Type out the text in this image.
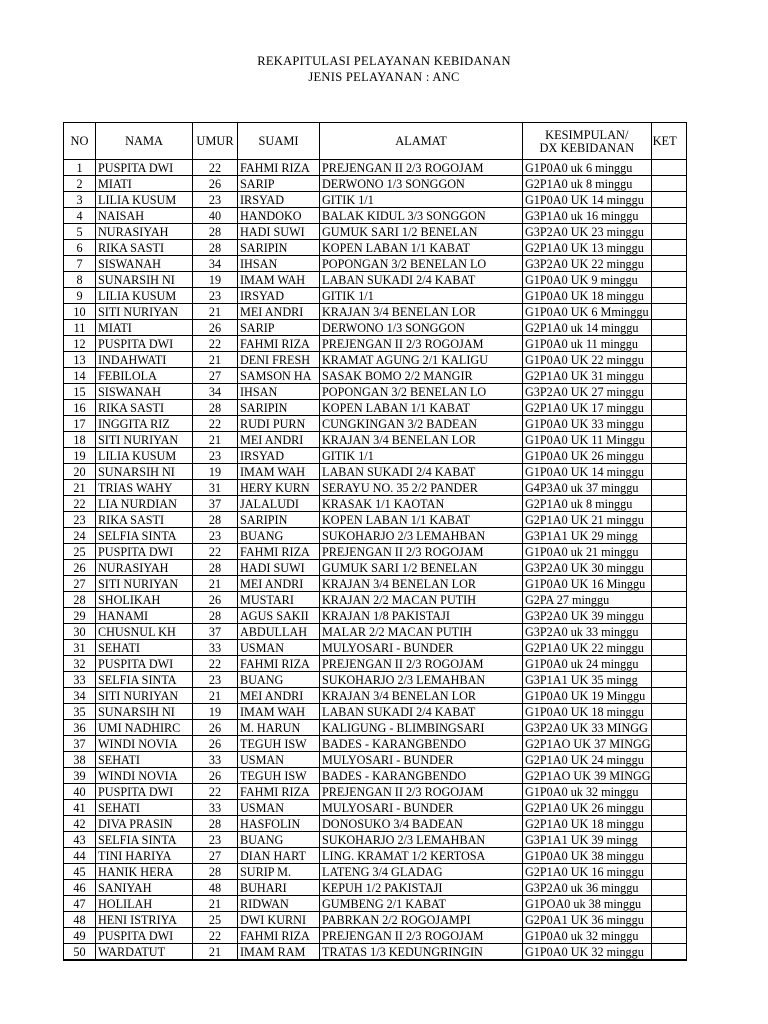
REKAPITULASI PELAYANAN KEBIDANAN
JENIS PELAYANAN : ANC
NO	NAMA	UMUR	SUAMI	ALAMAT	KESIMPULAN/
DX KEBIDANAN	KET
1	PUSPITA DWI	22	FAHMI RIZA	PREJENGAN II 2/3 ROGOJAM	G1P0A0 uk 6 minggu	
2	MIATI	26	SARIP	DERWONO 1/3 SONGGON	G2P1A0 uk 8 minggu	
3	LILIA KUSUM	23	IRSYAD	GITIK 1/1	G1P0A0 UK 14 minggu	
4	NAISAH	40	HANDOKO	BALAK KIDUL 3/3 SONGGON	G3P1A0 uk 16 minggu	
5	NURASIYAH	28	HADI SUWI	GUMUK SARI 1/2 BENELAN	G3P2A0 UK 23 minggu	
6	RIKA SASTI	28	SARIPIN	KOPEN LABAN 1/1 KABAT	G2P1A0 UK 13 minggu	
7	SISWANAH	34	IHSAN	POPONGAN 3/2 BENELAN LO	G3P2A0 UK 22 minggu	
8	SUNARSIH NI	19	IMAM WAH	LABAN SUKADI 2/4 KABAT	G1P0A0 UK 9 minggu	
9	LILIA KUSUM	23	IRSYAD	GITIK 1/1	G1P0A0 UK 18 minggu	
10	SITI NURIYAN	21	MEI ANDRI	KRAJAN 3/4 BENELAN LOR	G1P0A0 UK 6 Mminggu	
11	MIATI	26	SARIP	DERWONO 1/3 SONGGON	G2P1A0 uk 14 minggu	
12	PUSPITA DWI	22	FAHMI RIZA	PREJENGAN II 2/3 ROGOJAM	G1P0A0 uk 11 minggu	
13	INDAHWATI	21	DENI FRESH	KRAMAT AGUNG 2/1 KALIGU	G1P0A0 UK 22 minggu	
14	FEBILOLA	27	SAMSON HA	SASAK BOMO 2/2 MANGIR	G2P1A0 UK 31 minggu	
15	SISWANAH	34	IHSAN	POPONGAN 3/2 BENELAN LO	G3P2A0 UK 27 minggu	
16	RIKA SASTI	28	SARIPIN	KOPEN LABAN 1/1 KABAT	G2P1A0 UK 17 minggu	
17	INGGITA RIZ	22	RUDI PURN	CUNGKINGAN 3/2 BADEAN	G1P0A0 UK 33 minggu	
18	SITI NURIYAN	21	MEI ANDRI	KRAJAN 3/4 BENELAN LOR	G1P0A0 UK 11 Minggu	
19	LILIA KUSUM	23	IRSYAD	GITIK 1/1	G1P0A0 UK 26 minggu	
20	SUNARSIH NI	19	IMAM WAH	LABAN SUKADI 2/4 KABAT	G1P0A0 UK 14 minggu	
21	TRIAS WAHY	31	HERY KURN	SERAYU NO. 35 2/2 PANDER	G4P3A0 uk 37 minggu	
22	LIA NURDIAN	37	JALALUDI	KRASAK 1/1 KAOTAN	G2P1A0 uk 8 minggu	
23	RIKA SASTI	28	SARIPIN	KOPEN LABAN 1/1 KABAT	G2P1A0 UK 21 minggu	
24	SELFIA SINTA	23	BUANG	SUKOHARJO 2/3 LEMAHBAN	G3P1A1 UK 29 mingg	
25	PUSPITA DWI	22	FAHMI RIZA	PREJENGAN II 2/3 ROGOJAM	G1P0A0 uk 21 minggu	
26	NURASIYAH	28	HADI SUWI	GUMUK SARI 1/2 BENELAN	G3P2A0 UK 30 minggu	
27	SITI NURIYAN	21	MEI ANDRI	KRAJAN 3/4 BENELAN LOR	G1P0A0 UK 16 Minggu	
28	SHOLIKAH	26	MUSTARI	KRAJAN 2/2 MACAN PUTIH	G2PA 27 minggu	
29	HANAMI	28	AGUS SAKII	KRAJAN 1/8 PAKISTAJI	G3P2A0 UK 39 minggu	
30	CHUSNUL KH	37	ABDULLAH	MALAR 2/2 MACAN PUTIH	G3P2A0 uk 33 minggu	
31	SEHATI	33	USMAN	MULYOSARI - BUNDER	G2P1A0 UK 22 minggu	
32	PUSPITA DWI	22	FAHMI RIZA	PREJENGAN II 2/3 ROGOJAM	G1P0A0 uk 24 minggu	
33	SELFIA SINTA	23	BUANG	SUKOHARJO 2/3 LEMAHBAN	G3P1A1 UK 35 mingg	
34	SITI NURIYAN	21	MEI ANDRI	KRAJAN 3/4 BENELAN LOR	G1P0A0 UK 19 Minggu	
35	SUNARSIH NI	19	IMAM WAH	LABAN SUKADI 2/4 KABAT	G1P0A0 UK 18 minggu	
36	UMI NADHIRC	26	M. HARUN	KALIGUNG - BLIMBINGSARI	G3P2A0 UK 33 MINGG	
37	WINDI NOVIA	26	TEGUH ISW	BADES - KARANGBENDO	G2P1AO UK 37 MINGG	
38	SEHATI	33	USMAN	MULYOSARI - BUNDER	G2P1A0 UK 24 minggu	
39	WINDI NOVIA	26	TEGUH ISW	BADES - KARANGBENDO	G2P1AO UK 39 MINGG	
40	PUSPITA DWI	22	FAHMI RIZA	PREJENGAN II 2/3 ROGOJAM	G1P0A0 uk 32 minggu	
41	SEHATI	33	USMAN	MULYOSARI - BUNDER	G2P1A0 UK 26 minggu	
42	DIVA PRASIN	28	HASFOLIN	DONOSUKO 3/4 BADEAN	G2P1A0 UK 18 minggu	
43	SELFIA SINTA	23	BUANG	SUKOHARJO 2/3 LEMAHBAN	G3P1A1 UK 39 mingg	
44	TINI HARIYA	27	DIAN HART	LING. KRAMAT 1/2 KERTOSA	G1P0A0 UK 38 minggu	
45	HANIK HERA	28	SURIP M.	LATENG 3/4 GLADAG	G2P1A0 UK 16 minggu	
46	SANIYAH	48	BUHARI	KEPUH 1/2 PAKISTAJI	G3P2A0 uk 36 minggu	
47	HOLILAH	21	RIDWAN	GUMBENG 2/1 KABAT	G1POA0 uk 38 minggu	
48	HENI ISTRIYA	25	DWI KURNI	PABRKAN 2/2 ROGOJAMPI	G2P0A1 UK 36 minggu	
49	PUSPITA DWI	22	FAHMI RIZA	PREJENGAN II 2/3 ROGOJAM	G1P0A0 uk 32 minggu	
50	WARDATUT	21	IMAM RAM	TRATAS 1/3 KEDUNGRINGIN	G1P0A0 UK 32 minggu	
